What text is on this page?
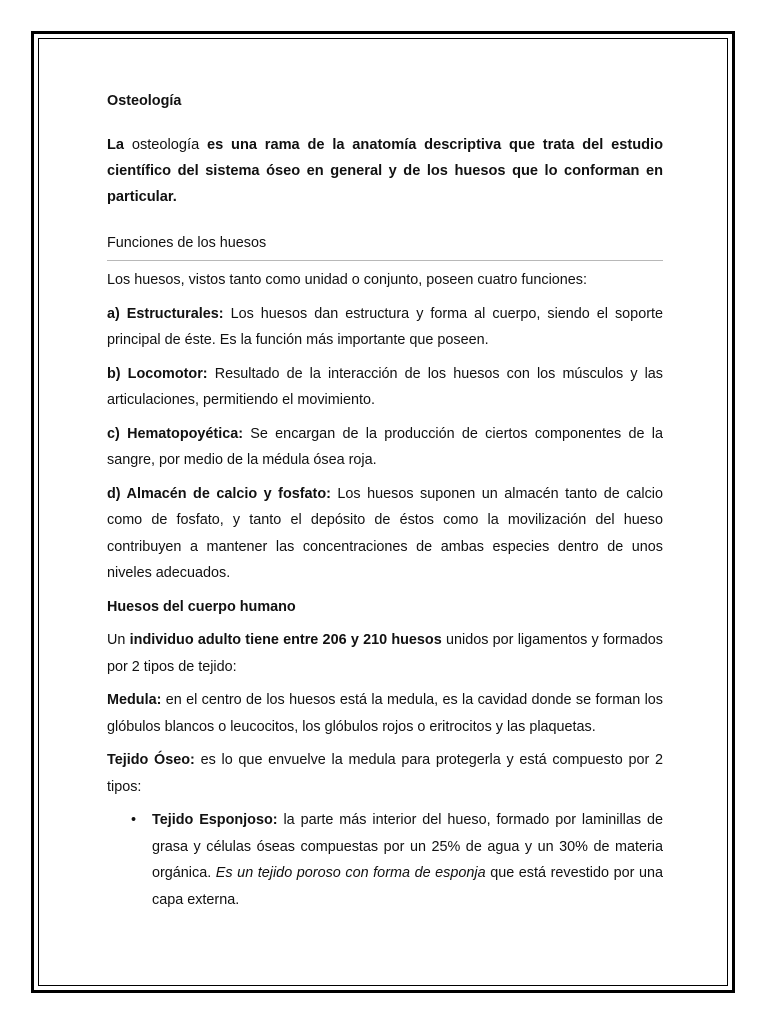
Osteología

La osteología es una rama de la anatomía descriptiva que trata del estudio científico del sistema óseo en general y de los huesos que lo conforman en particular.

Funciones de los huesos

Los huesos, vistos tanto como unidad o conjunto, poseen cuatro funciones:

a) Estructurales: Los huesos dan estructura y forma al cuerpo, siendo el soporte principal de éste. Es la función más importante que poseen.

b) Locomotor: Resultado de la interacción de los huesos con los músculos y las articulaciones, permitiendo el movimiento.

c) Hematopoyética: Se encargan de la producción de ciertos componentes de la sangre, por medio de la médula ósea roja.

d) Almacén de calcio y fosfato: Los huesos suponen un almacén tanto de calcio como de fosfato, y tanto el depósito de éstos como la movilización del hueso contribuyen a mantener las concentraciones de ambas especies dentro de unos niveles adecuados.

Huesos del cuerpo humano

Un individuo adulto tiene entre 206 y 210 huesos unidos por ligamentos y formados por 2 tipos de tejido:

Medula: en el centro de los huesos está la medula, es la cavidad donde se forman los glóbulos blancos o leucocitos, los glóbulos rojos o eritrocitos y las plaquetas.

Tejido Óseo: es lo que envuelve la medula para protegerla y está compuesto por 2 tipos:

• Tejido Esponjoso: la parte más interior del hueso, formado por laminillas de grasa y células óseas compuestas por un 25% de agua y un 30% de materia orgánica. Es un tejido poroso con forma de esponja que está revestido por una capa externa.
